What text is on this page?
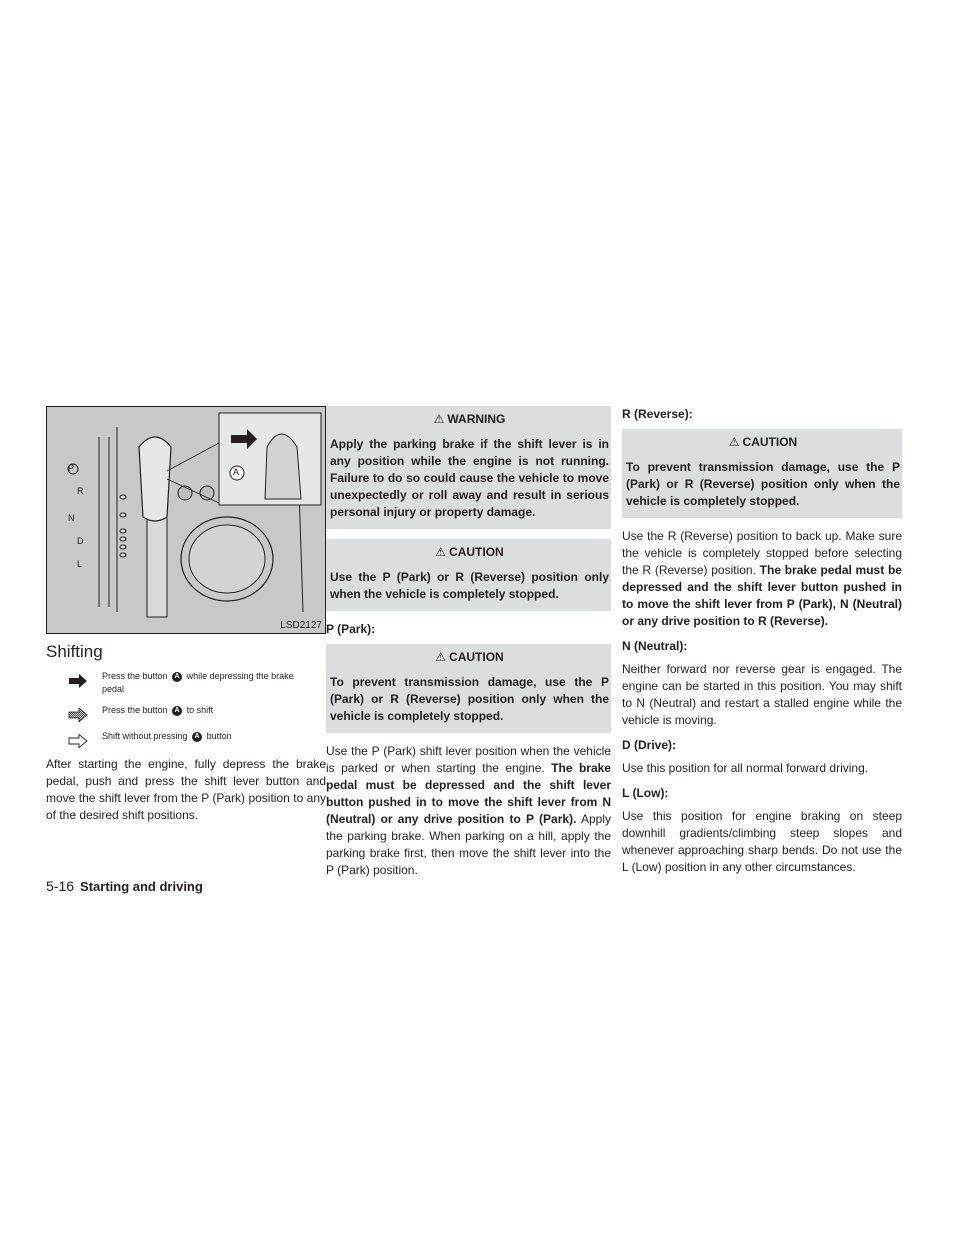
P
R
N
D
L
A
LSD2127
Shifting
Press the button A while depressing the brake pedal
Press the button A to shift
Shift without pressing A button

After starting the engine, fully depress the brake pedal, push and press the shift lever button and move the shift lever from the P (Park) position to any of the desired shift positions.

⚠ WARNING

Apply the parking brake if the shift lever is in any position while the engine is not running. Failure to do so could cause the vehicle to move unexpectedly or roll away and result in serious personal injury or property damage.

⚠ CAUTION

Use the P (Park) or R (Reverse) position only when the vehicle is completely stopped.

P (Park):
⚠ CAUTION

To prevent transmission damage, use the P (Park) or R (Reverse) position only when the vehicle is completely stopped.

Use the P (Park) shift lever position when the vehicle is parked or when starting the engine. The brake pedal must be depressed and the shift lever button pushed in to move the shift lever from N (Neutral) or any drive position to P (Park). Apply the parking brake. When parking on a hill, apply the parking brake first, then move the shift lever into the P (Park) position.

R (Reverse):
⚠ CAUTION

To prevent transmission damage, use the P (Park) or R (Reverse) position only when the vehicle is completely stopped.

Use the R (Reverse) position to back up. Make sure the vehicle is completely stopped before selecting the R (Reverse) position. The brake pedal must be depressed and the shift lever button pushed in to move the shift lever from P (Park), N (Neutral) or any drive position to R (Reverse).

N (Neutral):

Neither forward nor reverse gear is engaged. The engine can be started in this position. You may shift to N (Neutral) and restart a stalled engine while the vehicle is moving.

D (Drive):

Use this position for all normal forward driving.

L (Low):

Use this position for engine braking on steep downhill gradients/climbing steep slopes and whenever approaching sharp bends. Do not use the L (Low) position in any other circumstances.

5-16 Starting and driving
